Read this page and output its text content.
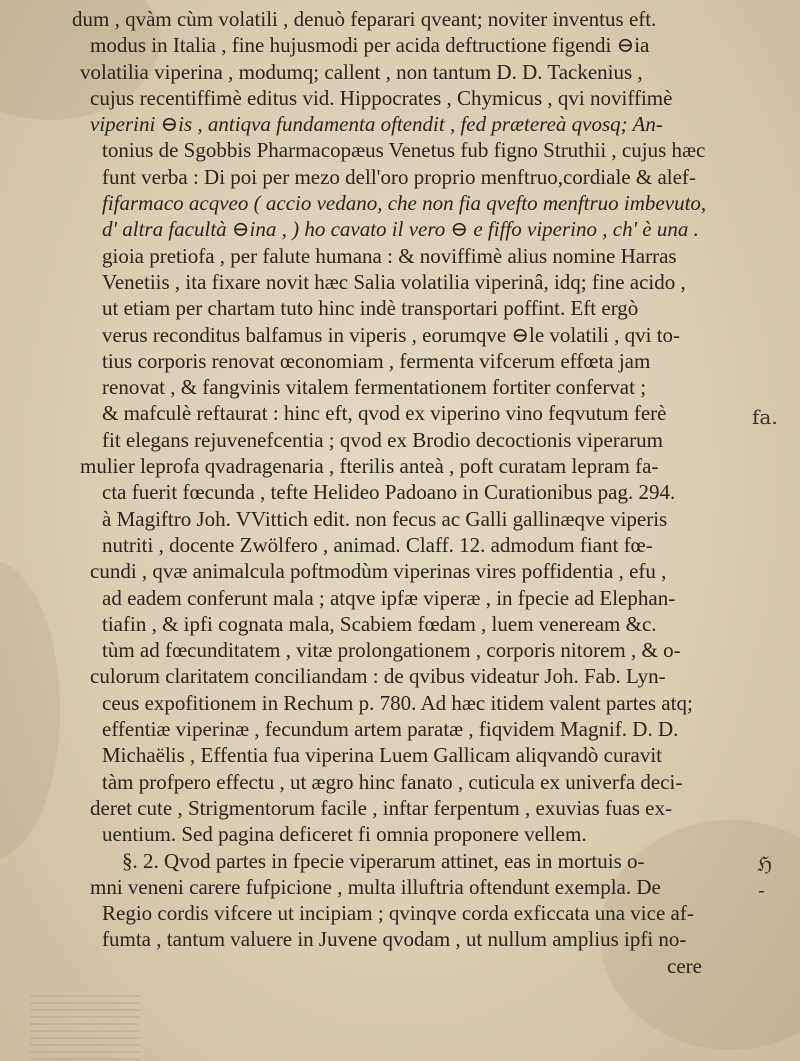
dum , qvàm cùm volatili , denuò feparari qveant; noviter inventus eft.
modus in Italia , fine hujusmodi per acida deftructione figendi ⊖ia
volatilia viperina , modumq; callent , non tantum D. D. Tackenius ,
cujus recentiffimè editus vid. Hippocrates , Chymicus , qvi noviffimè
viperini ⊖is , antiqva fundamenta oftendit , fed prætereà qvosq; An-
tonius de Sgobbis Pharmacopæus Venetus fub figno Struthii , cujus hæc
funt verba : Di poi per mezo dell'oro proprio menftruo,cordiale & alef-
fifarmaco acqveo ( accio vedano, che non fia qvefto menftruo imbevuto,
d' altra facultà ⊖ina , ) ho cavato il vero ⊖ e fiffo viperino , ch' è una .
gioia pretiofa , per falute humana : & noviffimè alius nomine Harras
Venetiis , ita fixare novit hæc Salia volatilia viperinâ, idq; fine acido ,
ut etiam per chartam tuto hinc indè transportari poffint. Eft ergò
verus reconditus balfamus in viperis , eorumqve ⊖le volatili , qvi to-
tius corporis renovat œconomiam , fermenta vifcerum effœta jam
renovat , & fangvinis vitalem fermentationem fortiter confervat ;
& mafculè reftaurat : hinc eft, qvod ex viperino vino feqvutum ferè
fit elegans rejuvenefcentia ; qvod ex Brodio decoctionis viperarum
mulier leprofa qvadragenaria , fterilis anteà , poft curatam lepram fa-
cta fuerit fœcunda , tefte Helideo Padoano in Curationibus pag. 294.
à Magiftro Joh. VVittich edit. non fecus ac Galli gallinæqve viperis
nutriti , docente Zwölfero , animad. Claff. 12. admodum fiant fœ-
cundi , qvæ animalcula poftmodùm viperinas vires poffidentia , efu ,
ad eadem conferunt mala ; atqve ipfæ viperæ , in fpecie ad Elephan-
tiafin , & ipfi cognata mala, Scabiem fœdam , luem veneream &c.
tùm ad fœcunditatem , vitæ prolongationem , corporis nitorem , & o-
culorum claritatem conciliandam : de qvibus videatur Joh. Fab. Lyn-
ceus expofitionem in Rechum p. 780. Ad hæc itidem valent partes atq;
effentiæ viperinæ , fecundum artem paratæ , fiqvidem Magnif. D. D.
Michaëlis , Effentia fua viperina Luem Gallicam aliqvandò curavit
tàm profpero effectu , ut ægro hinc fanato , cuticula ex univerfa deci-
deret cute , Strigmentorum facile , inftar ferpentum , exuvias fuas ex-
uentium. Sed pagina deficeret fi omnia proponere vellem.
§. 2. Qvod partes in fpecie viperarum attinet, eas in mortuis o-
mni veneni carere fufpicione , multa illuftria oftendunt exempla. De
Regio cordis vifcere ut incipiam ; qvinqve corda exficcata una vice af-
fumta , tantum valuere in Juvene qvodam , ut nullum amplius ipfi no-
cere
fa.
ℌ
-
